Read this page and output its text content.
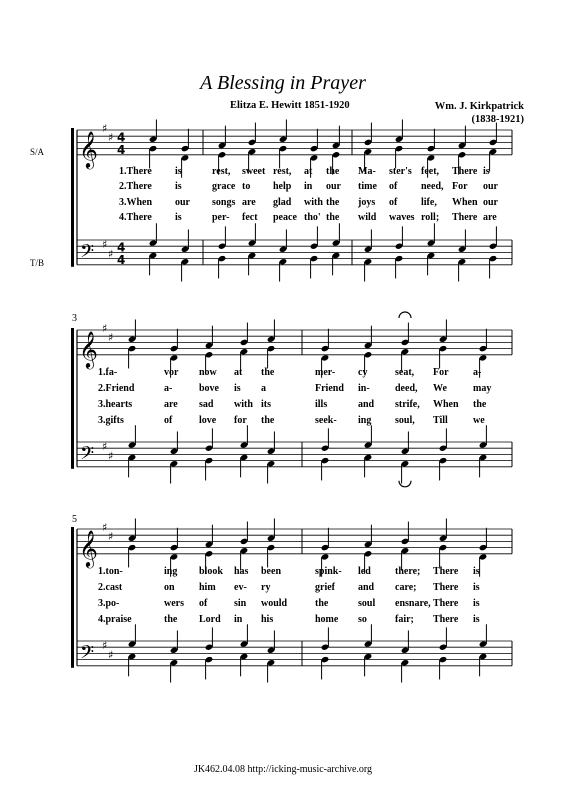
A Blessing in Prayer
Elitza E. Hewitt 1851-1920	Wm. J. Kirkpatrick
(1838-1921)
S/A
T/B
3
5
𝄞
𝄢
♯
♯
♯
♯
4
4
4
4
𝄞
𝄢
♯
♯
♯
♯
𝄞
𝄢
♯
♯
♯
♯
1.There is	rest, sweet rest, at the Ma- ster's feet, There is
2.There is	grace to help in our time of need, For our
3.When our songs are glad with the joys of life, When our
4.There is	per- fect peace tho' the wild waves roll; There are
1.fa-	vor now at the	mer- cy	seat, For a-
2.Friend	a-	bove is a	Friend in-	deed, We	may
3.hearts	are sad with its	ills	and strife, When the
3.gifts	of	love for the	seek- ing soul, Till	we
1.ton-	ing blook has been	spink- led there; There is
2.cast	on him ev- ry	grief and care; There is
3.po-	wers of	sin would	the	soul ensnare, There is
4.praise	the Lord in his	home so	fair; There is
JK462.04.08 http://icking-music-archive.org
